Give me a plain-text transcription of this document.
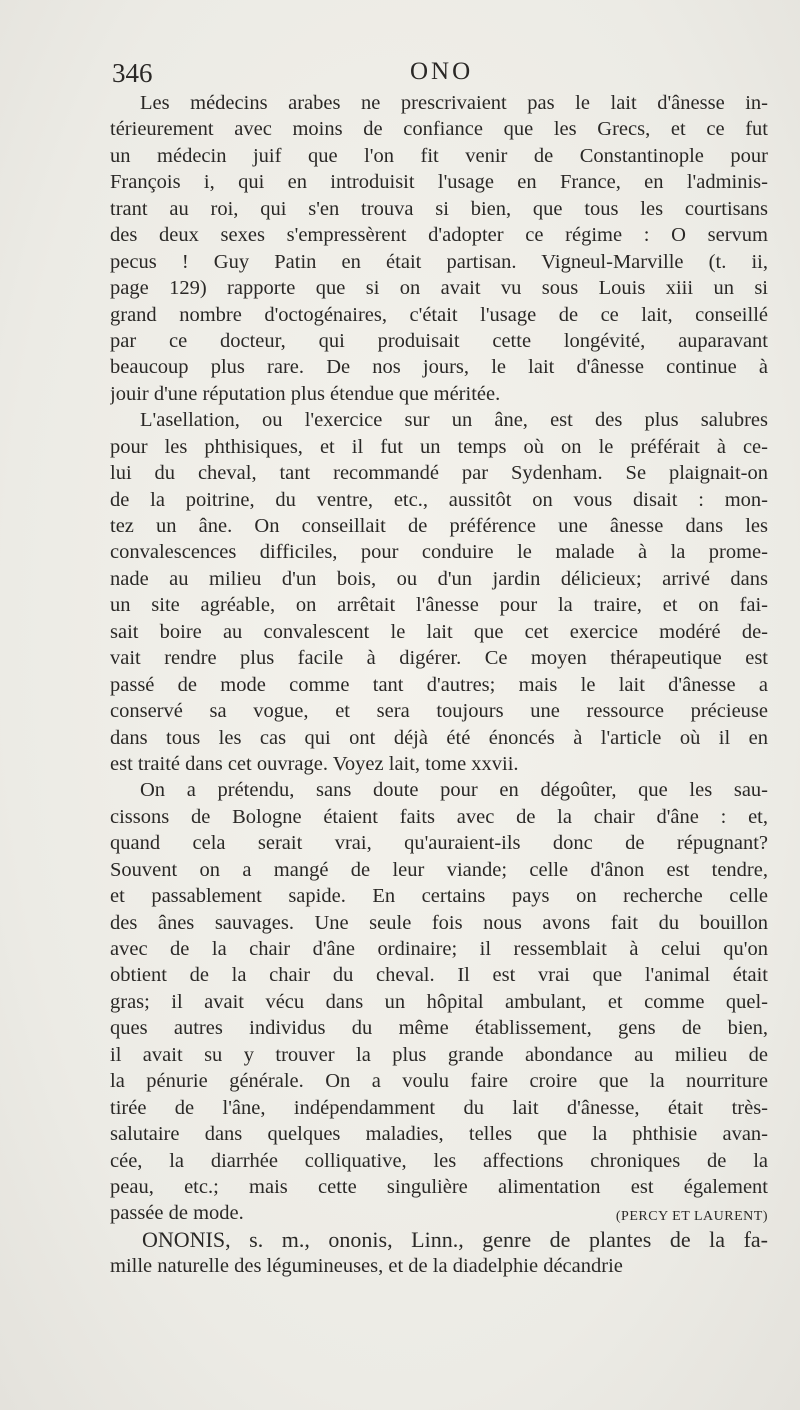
346	ONO
Les médecins arabes ne prescrivaient pas le lait d'ânesse in-
térieurement avec moins de confiance que les Grecs, et ce fut
un médecin juif que l'on fit venir de Constantinople pour
François i, qui en introduisit l'usage en France, en l'adminis-
trant au roi, qui s'en trouva si bien, que tous les courtisans
des deux sexes s'empressèrent d'adopter ce régime : O servum
pecus ! Guy Patin en était partisan. Vigneul-Marville (t. ii,
page 129) rapporte que si on avait vu sous Louis xiii un si
grand nombre d'octogénaires, c'était l'usage de ce lait, conseillé
par ce docteur, qui produisait cette longévité, auparavant
beaucoup plus rare. De nos jours, le lait d'ânesse continue à
jouir d'une réputation plus étendue que méritée.
L'asellation, ou l'exercice sur un âne, est des plus salubres
pour les phthisiques, et il fut un temps où on le préférait à ce-
lui du cheval, tant recommandé par Sydenham. Se plaignait-on
de la poitrine, du ventre, etc., aussitôt on vous disait : mon-
tez un âne. On conseillait de préférence une ânesse dans les
convalescences difficiles, pour conduire le malade à la prome-
nade au milieu d'un bois, ou d'un jardin délicieux; arrivé dans
un site agréable, on arrêtait l'ânesse pour la traire, et on fai-
sait boire au convalescent le lait que cet exercice modéré de-
vait rendre plus facile à digérer. Ce moyen thérapeutique est
passé de mode comme tant d'autres; mais le lait d'ânesse a
conservé sa vogue, et sera toujours une ressource précieuse
dans tous les cas qui ont déjà été énoncés à l'article où il en
est traité dans cet ouvrage. Voyez lait, tome xxvii.
On a prétendu, sans doute pour en dégoûter, que les sau-
cissons de Bologne étaient faits avec de la chair d'âne : et,
quand cela serait vrai, qu'auraient-ils donc de répugnant?
Souvent on a mangé de leur viande; celle d'ânon est tendre,
et passablement sapide. En certains pays on recherche celle
des ânes sauvages. Une seule fois nous avons fait du bouillon
avec de la chair d'âne ordinaire; il ressemblait à celui qu'on
obtient de la chair du cheval. Il est vrai que l'animal était
gras; il avait vécu dans un hôpital ambulant, et comme quel-
ques autres individus du même établissement, gens de bien,
il avait su y trouver la plus grande abondance au milieu de
la pénurie générale. On a voulu faire croire que la nourriture
tirée de l'âne, indépendamment du lait d'ânesse, était très-
salutaire dans quelques maladies, telles que la phthisie avan-
cée, la diarrhée colliquative, les affections chroniques de la
peau, etc.; mais cette singulière alimentation est également
passée de mode.	(PERCY ET LAURENT)
ONONIS, s. m., ononis, Linn., genre de plantes de la fa-
mille naturelle des légumineuses, et de la diadelphie décandrie
